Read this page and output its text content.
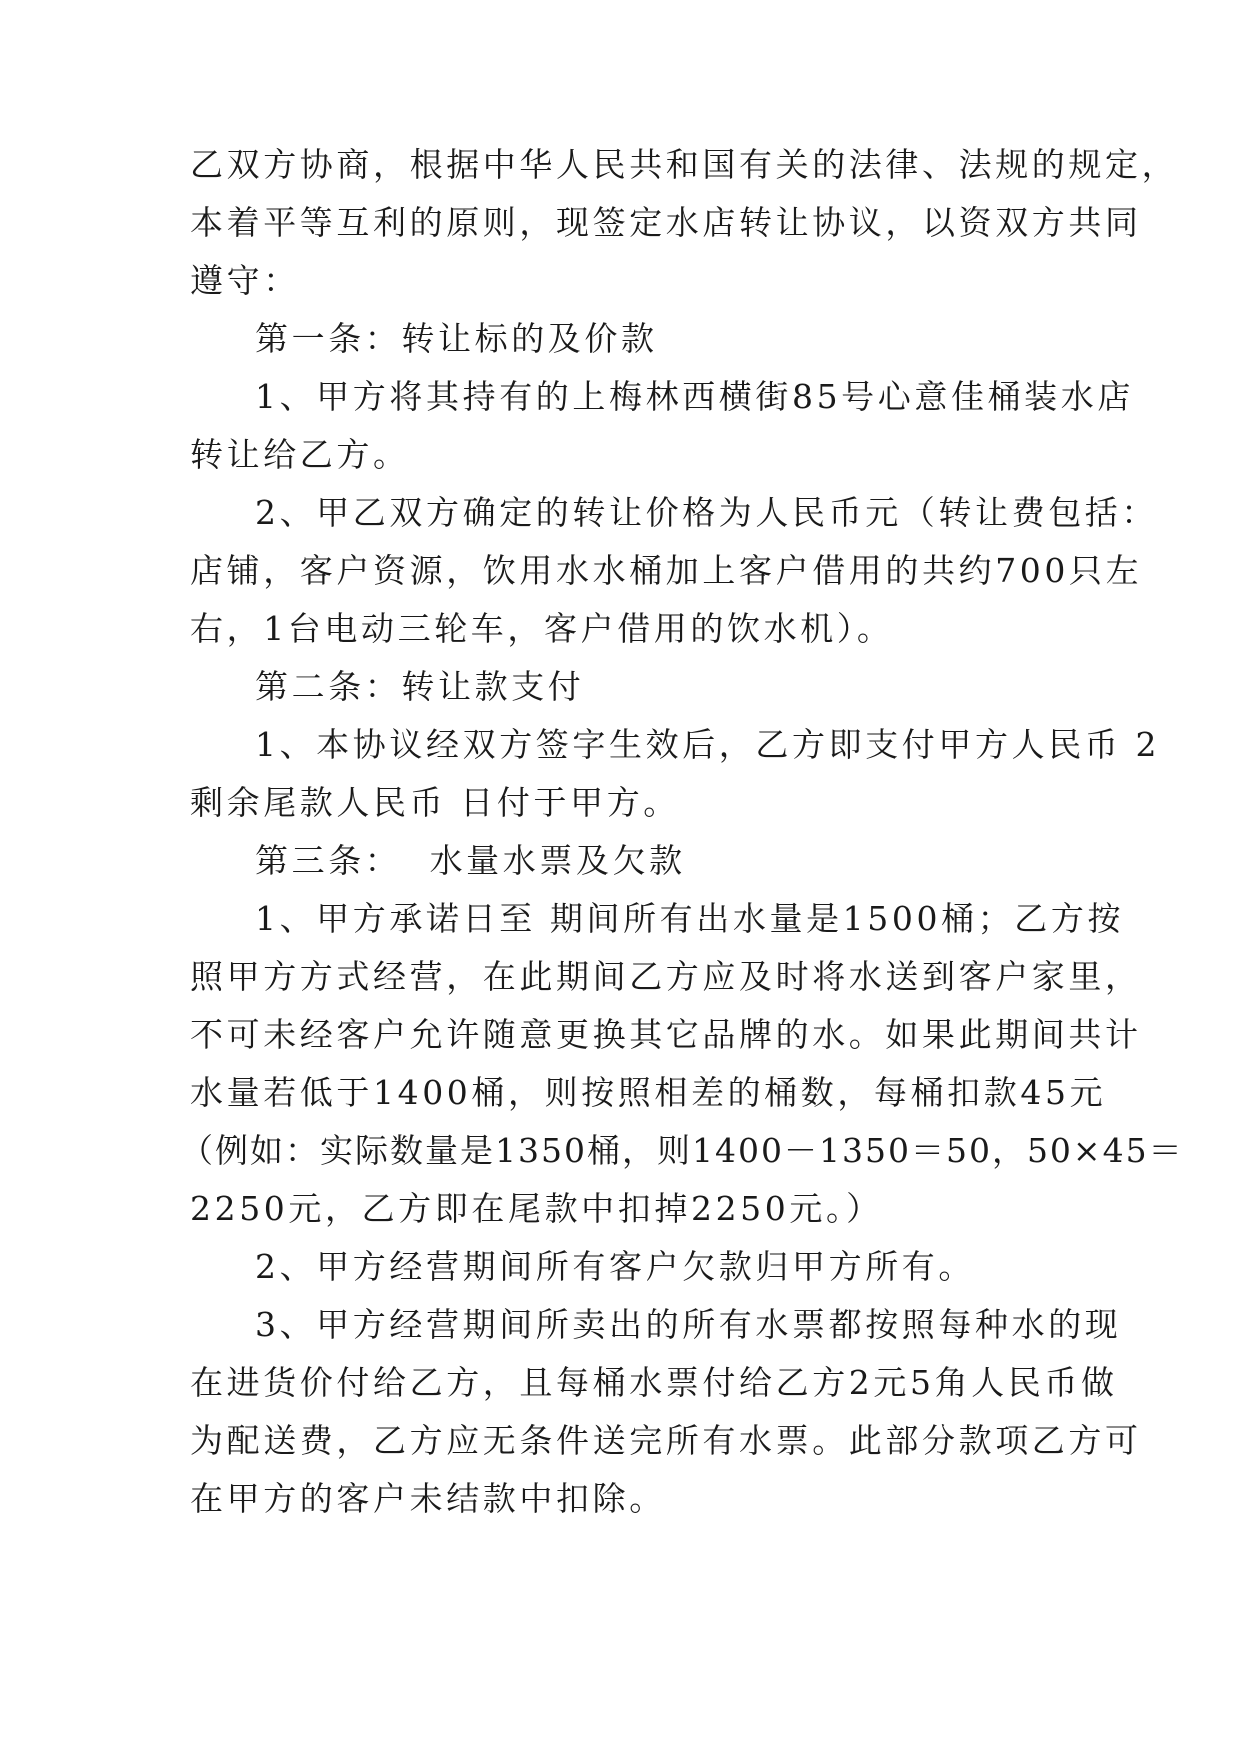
乙双方协商，根据中华人民共和国有关的法律、法规的规定，
本着平等互利的原则，现签定水店转让协议，以资双方共同
遵守：
第一条：转让标的及价款
1、甲方将其持有的上梅林西横街85号心意佳桶装水店
转让给乙方。
2、甲乙双方确定的转让价格为人民币元（转让费包括：
店铺，客户资源，饮用水水桶加上客户借用的共约700只左
右，1台电动三轮车，客户借用的饮水机）。
第二条：转让款支付
1、本协议经双方签字生效后，乙方即支付甲方人民币 2
剩余尾款人民币 日付于甲方。
第三条：  水量水票及欠款
1、甲方承诺日至 期间所有出水量是1500桶；乙方按
照甲方方式经营，在此期间乙方应及时将水送到客户家里，
不可未经客户允许随意更换其它品牌的水。如果此期间共计
水量若低于1400桶，则按照相差的桶数，每桶扣款45元
（例如：实际数量是1350桶，则1400－1350＝50，50×45＝
2250元，乙方即在尾款中扣掉2250元。）
2、甲方经营期间所有客户欠款归甲方所有。
3、甲方经营期间所卖出的所有水票都按照每种水的现
在进货价付给乙方，且每桶水票付给乙方2元5角人民币做
为配送费，乙方应无条件送完所有水票。此部分款项乙方可
在甲方的客户未结款中扣除。
